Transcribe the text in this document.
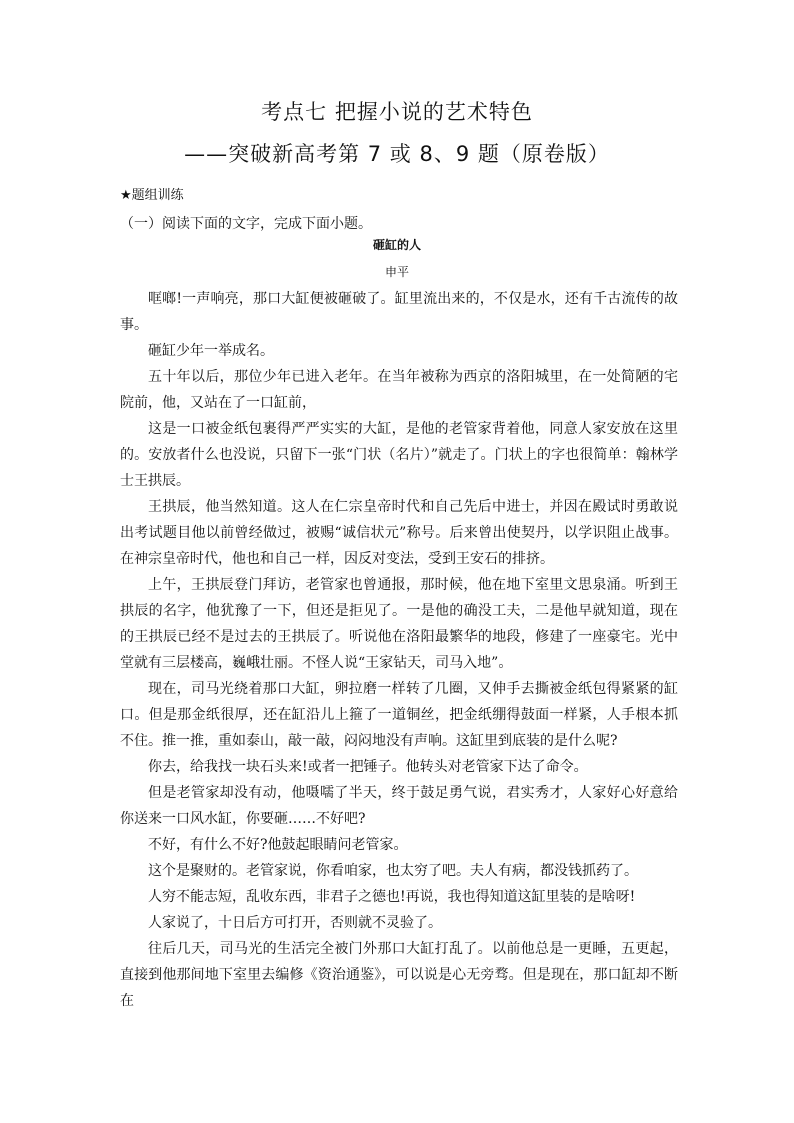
考点七 把握小说的艺术特色
——突破新高考第 7 或 8、9 题（原卷版）
★题组训练
（一）阅读下面的文字，完成下面小题。
砸缸的人
申平

哐啷!一声响亮，那口大缸便被砸破了。缸里流出来的，不仅是水，还有千古流传的故事。

砸缸少年一举成名。

五十年以后，那位少年已进入老年。在当年被称为西京的洛阳城里，在一处简陋的宅院前，他，又站在了一口缸前，

这是一口被金纸包裹得严严实实的大缸，是他的老管家背着他，同意人家安放在这里的。安放者什么也没说，只留下一张“门状（名片）”就走了。门状上的字也很简单：翰林学士王拱辰。

王拱辰，他当然知道。这人在仁宗皇帝时代和自己先后中进士，并因在殿试时勇敢说出考试题目他以前曾经做过，被赐“诚信状元”称号。后来曾出使契丹，以学识阻止战事。在神宗皇帝时代，他也和自己一样，因反对变法，受到王安石的排挤。

上午，王拱辰登门拜访，老管家也曾通报，那时候，他在地下室里文思泉涌。听到王拱辰的名字，他犹豫了一下，但还是拒见了。一是他的确没工夫，二是他早就知道，现在的王拱辰已经不是过去的王拱辰了。听说他在洛阳最繁华的地段，修建了一座豪宅。光中堂就有三层楼高，巍峨壮丽。不怪人说“王家钻天，司马入地”。

现在，司马光绕着那口大缸，卵拉磨一样转了几圈，又伸手去撕被金纸包得紧紧的缸口。但是那金纸很厚，还在缸沿儿上箍了一道铜丝，把金纸绷得鼓面一样紧，人手根本抓不住。推一推，重如泰山，敲一敲，闷闷地没有声响。这缸里到底装的是什么呢?

你去，给我找一块石头来!或者一把锤子。他转头对老管家下达了命令。

但是老管家却没有动，他嗫嚅了半天，终于鼓足勇气说，君实秀才，人家好心好意给你送来一口风水缸，你要砸……不好吧?

不好，有什么不好?他鼓起眼睛问老管家。

这个是聚财的。老管家说，你看咱家，也太穷了吧。夫人有病，都没钱抓药了。

人穷不能志短，乱收东西，非君子之德也!再说，我也得知道这缸里装的是啥呀!

人家说了，十日后方可打开，否则就不灵验了。

往后几天，司马光的生活完全被门外那口大缸打乱了。以前他总是一更睡，五更起，直接到他那间地下室里去编修《资治通鉴》，可以说是心无旁骛。但是现在，那口缸却不断在
